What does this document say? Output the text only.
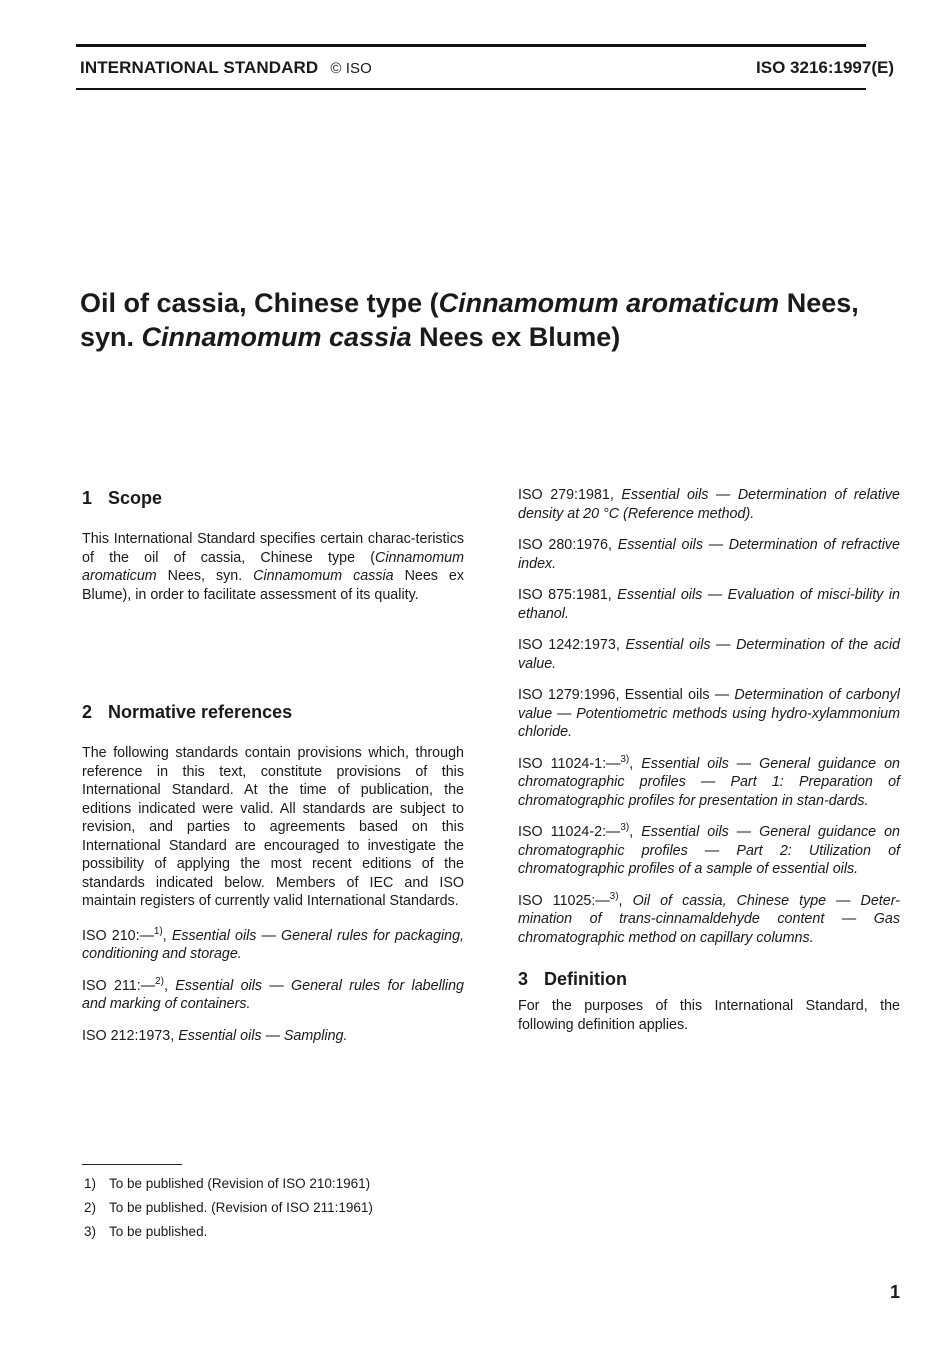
INTERNATIONAL STANDARD © ISO	ISO 3216:1997(E)
Oil of cassia, Chinese type (Cinnamomum aromaticum Nees, syn. Cinnamomum cassia Nees ex Blume)
1 Scope

This International Standard specifies certain charac-teristics of the oil of cassia, Chinese type (Cinnamomum aromaticum Nees, syn. Cinnamomum cassia Nees ex Blume), in order to facilitate assessment of its quality.

2 Normative references

The following standards contain provisions which, through reference in this text, constitute provisions of this International Standard. At the time of publication, the editions indicated were valid. All standards are subject to revision, and parties to agreements based on this International Standard are encouraged to investigate the possibility of applying the most recent editions of the standards indicated below. Members of IEC and ISO maintain registers of currently valid International Standards.

ISO 210:—$^{1)}$, Essential oils — General rules for packaging, conditioning and storage.

ISO 211:—$^{2)}$, Essential oils — General rules for labelling and marking of containers.

ISO 212:1973, Essential oils — Sampling.

ISO 279:1981, Essential oils — Determination of relative density at 20 °C (Reference method).

ISO 280:1976, Essential oils — Determination of refractive index.

ISO 875:1981, Essential oils — Evaluation of misci-bility in ethanol.

ISO 1242:1973, Essential oils — Determination of the acid value.

ISO 1279:1996, Essential oils — Determination of carbonyl value — Potentiometric methods using hydro-xylammonium chloride.

ISO 11024-1:—$^{3)}$, Essential oils — General guidance on chromatographic profiles — Part 1: Preparation of chromatographic profiles for presentation in stan-dards.

ISO 11024-2:—$^{3)}$, Essential oils — General guidance on chromatographic profiles — Part 2: Utilization of chromatographic profiles of a sample of essential oils.

ISO 11025:—$^{3)}$, Oil of cassia, Chinese type — Deter-mination of trans-cinnamaldehyde content — Gas chromatographic method on capillary columns.

3 Definition

For the purposes of this International Standard, the following definition applies.

1) To be published (Revision of ISO 210:1961)
2) To be published. (Revision of ISO 211:1961)
3) To be published.
1
